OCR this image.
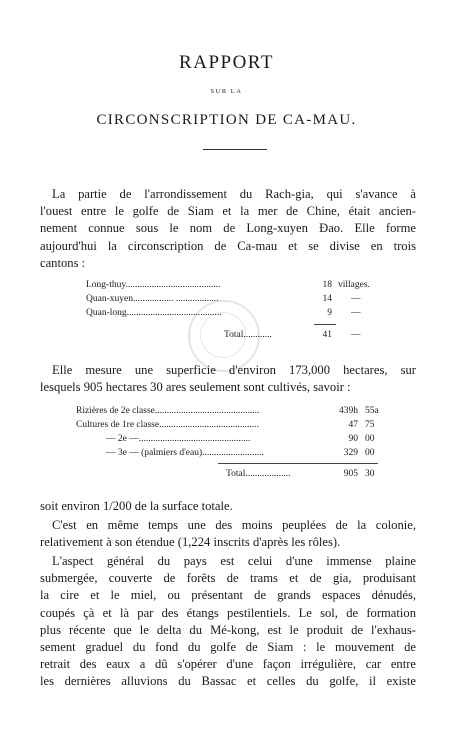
RAPPORT
SUR LA
CIRCONSCRIPTION DE CA-MAU.
La partie de l'arrondissement du Rach-gia, qui s'avance à
l'ouest entre le golfe de Siam et la mer de Chine, était ancien-
nement connue sous le nom de Long-xuyen Ðao. Elle forme
aujourd'hui la circonscription de Ca-mau et se divise en trois
cantons :
Long-thuy........................................	18 villages.
Quan-xuyen................. ..................	14 —
Quan-long........................................	9 —
Total............	41 —
Elle mesure une superficie d'environ 173,000 hectares, sur
lesquels 905 hectares 30 ares seulement sont cultivés, savoir :
Rizières de 2e classe............................................	439h 55a
Cultures de 1re classe..........................................	47 75
— 2e —...............................................	90 00
— 3e — (palmiers d'eau)..........................	329 00
Total...................	905 30
soit environ 1/200 de la surface totale.
C'est en même temps une des moins peuplées de la colonie,
relativement à son étendue (1,224 inscrits d'après les rôles).
L'aspect général du pays est celui d'une immense plaine
submergée, couverte de forêts de trams et de gia, produisant
la cire et le miel, ou présentant de grands espaces dénudés,
coupés çà et là par des étangs pestilentiels. Le sol, de formation
plus récente que le delta du Mé-kong, est le produit de l'exhaus-
sement graduel du fond du golfe de Siam : le mouvement de
retrait des eaux a dû s'opérer d'une façon irrégulière, car entre
les dernières alluvions du Bassac et celles du golfe, il existe
